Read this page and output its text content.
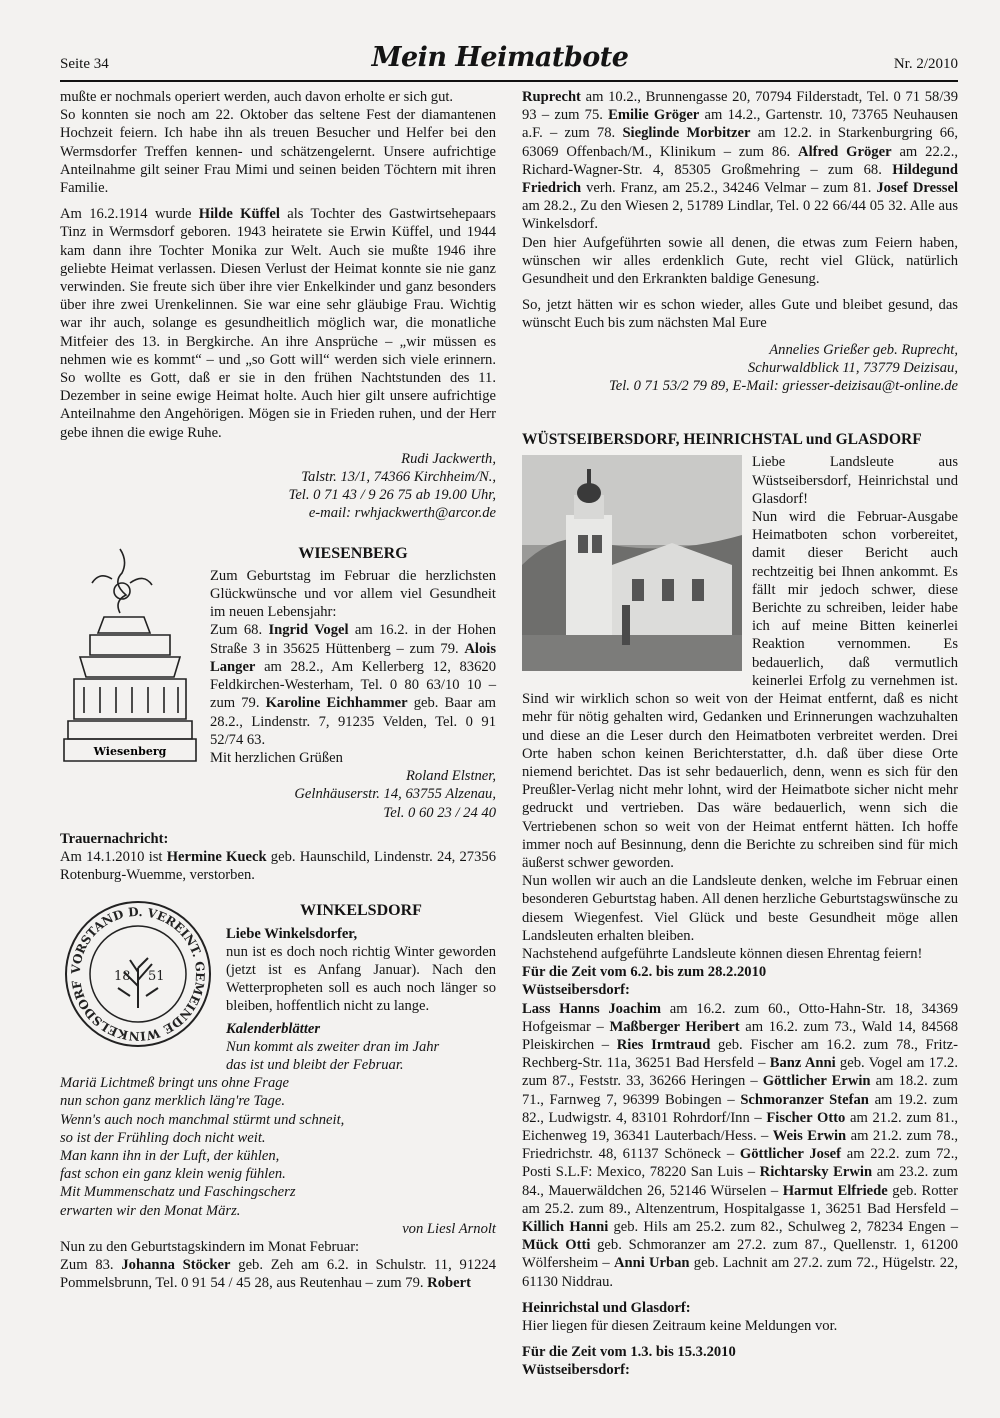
Seite 34	Mein Heimatbote	Nr. 2/2010

mußte er nochmals operiert werden, auch davon erholte er sich gut.

So konnten sie noch am 22. Oktober das seltene Fest der diamantenen Hochzeit feiern. Ich habe ihn als treuen Besucher und Helfer bei den Wermsdorfer Treffen kennen- und schätzengelernt. Unsere aufrichtige Anteilnahme gilt seiner Frau Mimi und seinen beiden Töchtern mit ihren Familie.

Am 16.2.1914 wurde Hilde Küffel als Tochter des Gastwirtsehepaars Tinz in Wermsdorf geboren. 1943 heiratete sie Erwin Küffel, und 1944 kam dann ihre Tochter Monika zur Welt. Auch sie mußte 1946 ihre geliebte Heimat verlassen. Diesen Verlust der Heimat konnte sie nie ganz verwinden. Sie freute sich über ihre vier Enkelkinder und ganz besonders über ihre zwei Urenkelinnen. Sie war eine sehr gläubige Frau. Wichtig war ihr auch, solange es gesundheitlich möglich war, die monatliche Mitfeier des 13. in Bergkirche. An ihre Ansprüche – „wir müssen es nehmen wie es kommt“ – und „so Gott will“ werden sich viele erinnern. So wollte es Gott, daß er sie in den frühen Nachtstunden des 11. Dezember in seine ewige Heimat holte. Auch hier gilt unsere aufrichtige Anteilnahme den Angehörigen. Mögen sie in Frieden ruhen, und der Herr gebe ihnen die ewige Ruhe.

Rudi Jackwerth,
Talstr. 13/1, 74366 Kirchheim/N.,
Tel. 0 71 43 / 9 26 75 ab 19.00 Uhr,
e-mail: rwhjackwerth@arcor.de
Wiesenberg
WIESENBERG

Zum Geburtstag im Februar die herzlichsten Glückwünsche und vor allem viel Gesundheit im neuen Lebensjahr:

Zum 68. Ingrid Vogel am 16.2. in der Hohen Straße 3 in 35625 Hüttenberg – zum 79. Alois Langer am 28.2., Am Kellerberg 12, 83620 Feldkirchen-Westerham, Tel. 0 80 63/10 10 – zum 79. Karoline Eichhammer geb. Baar am 28.2., Lindenstr. 7, 91235 Velden, Tel. 0 91 52/74 63.

Mit herzlichen Grüßen

Roland Elstner,
Gelnhäuserstr. 14, 63755 Alzenau,
Tel. 0 60 23 / 24 40

Trauernachricht:

Am 14.1.2010 ist Hermine Kueck geb. Haunschild, Lindenstr. 24, 27356 Rotenburg-Wuemme, verstorben.

VORSTAND D. VEREINT. GEMEINDE WINKELSDORF
18 51
WINKELSDORF

Liebe Winkelsdorfer,

nun ist es doch noch richtig Winter geworden (jetzt ist es Anfang Januar). Nach den Wetterpropheten soll es auch noch länger so bleiben, hoffentlich nicht zu lange.

Kalenderblätter

Nun kommt als zweiter dran im Jahr
das ist und bleibt der Februar.
Mariä Lichtmeß bringt uns ohne Frage
nun schon ganz merklich läng're Tage.
Wenn's auch noch manchmal stürmt und schneit,
so ist der Frühling doch nicht weit.
Man kann ihn in der Luft, der kühlen,
fast schon ein ganz klein wenig fühlen.
Mit Mummenschatz und Faschingscherz
erwarten wir den Monat März.
von Liesl Arnolt

Nun zu den Geburtstagskindern im Monat Februar:

Zum 83. Johanna Stöcker geb. Zeh am 6.2. in Schulstr. 11, 91224 Pommelsbrunn, Tel. 0 91 54 / 45 28, aus Reutenhau – zum 79. Robert

Ruprecht am 10.2., Brunnengasse 20, 70794 Filderstadt, Tel. 0 71 58/39 93 – zum 75. Emilie Gröger am 14.2., Gartenstr. 10, 73765 Neuhausen a.F. – zum 78. Sieglinde Morbitzer am 12.2. in Starkenburgring 66, 63069 Offenbach/M., Klinikum – zum 86. Alfred Gröger am 22.2., Richard-Wagner-Str. 4, 85305 Großmehring – zum 68. Hildegund Friedrich verh. Franz, am 25.2., 34246 Velmar – zum 81. Josef Dressel am 28.2., Zu den Wiesen 2, 51789 Lindlar, Tel. 0 22 66/44 05 32. Alle aus Winkelsdorf.

Den hier Aufgeführten sowie all denen, die etwas zum Feiern haben, wünschen wir alles erdenklich Gute, recht viel Glück, natürlich Gesundheit und den Erkrankten baldige Genesung.

So, jetzt hätten wir es schon wieder, alles Gute und bleibet gesund, das wünscht Euch bis zum nächsten Mal Eure

Annelies Grießer geb. Ruprecht,
Schurwaldblick 11, 73779 Deizisau,
Tel. 0 71 53/2 79 89, E-Mail: griesser-deizisau@t-online.de
WÜSTSEIBERSDORF, HEINRICHSTAL und GLASDORF

Liebe Landsleute aus Wüstseibersdorf, Heinrichstal und Glasdorf!

Nun wird die Februar-Ausgabe Heimatboten schon vorbereitet, damit dieser Bericht auch rechtzeitig bei Ihnen ankommt. Es fällt mir jedoch schwer, diese Berichte zu schreiben, leider habe ich auf meine Bitten keinerlei Reaktion vernommen. Es bedauerlich, daß vermutlich keinerlei Erfolg zu vernehmen ist. Sind wir wirklich schon so weit von der Heimat entfernt, daß es nicht mehr für nötig gehalten wird, Gedanken und Erinnerungen wachzuhalten und diese an die Leser durch den Heimatboten verbreitet werden. Drei Orte haben schon keinen Berichterstatter, d.h. daß über diese Orte niemend berichtet. Das ist sehr bedauerlich, denn, wenn es sich für den Preußler-Verlag nicht mehr lohnt, wird der Heimatbote sicher nicht mehr gedruckt und vertrieben. Das wäre bedauerlich, wenn sich die Vertriebenen schon so weit von der Heimat entfernt hätten. Ich hoffe immer noch auf Besinnung, denn die Berichte zu schreiben sind für mich äußerst schwer geworden.

Nun wollen wir auch an die Landsleute denken, welche im Februar einen besonderen Geburtstag haben. All denen herzliche Geburtstagswünsche zu diesem Wiegenfest. Viel Glück und beste Gesundheit möge allen Landsleuten erhalten bleiben.

Nachstehend aufgeführte Landsleute können diesen Ehrentag feiern!

Für die Zeit vom 6.2. bis zum 28.2.2010

Wüstseibersdorf:

Lass Hanns Joachim am 16.2. zum 60., Otto-Hahn-Str. 18, 34369 Hofgeismar – Maßberger Heribert am 16.2. zum 73., Wald 14, 84568 Pleiskirchen – Ries Irmtraud geb. Fischer am 16.2. zum 78., Fritz-Rechberg-Str. 11a, 36251 Bad Hersfeld – Banz Anni geb. Vogel am 17.2. zum 87., Feststr. 33, 36266 Heringen – Göttlicher Erwin am 18.2. zum 71., Farnweg 7, 96399 Bobingen – Schmoranzer Stefan am 19.2. zum 82., Ludwigstr. 4, 83101 Rohrdorf/Inn – Fischer Otto am 21.2. zum 81., Eichenweg 19, 36341 Lauterbach/Hess. – Weis Erwin am 21.2. zum 78., Friedrichstr. 48, 61137 Schöneck – Göttlicher Josef am 22.2. zum 72., Posti S.L.F: Mexico, 78220 San Luis – Richtarsky Erwin am 23.2. zum 84., Mauerwäldchen 26, 52146 Würselen – Harmut Elfriede geb. Rotter am 25.2. zum 89., Altenzentrum, Hospitalgasse 1, 36251 Bad Hersfeld – Killich Hanni geb. Hils am 25.2. zum 82., Schulweg 2, 78234 Engen – Mück Otti geb. Schmoranzer am 27.2. zum 87., Quellenstr. 1, 61200 Wölfersheim – Anni Urban geb. Lachnit am 27.2. zum 72., Hügelstr. 22, 61130 Niddrau.

Heinrichstal und Glasdorf:

Hier liegen für diesen Zeitraum keine Meldungen vor.

Für die Zeit vom 1.3. bis 15.3.2010

Wüstseibersdorf:
